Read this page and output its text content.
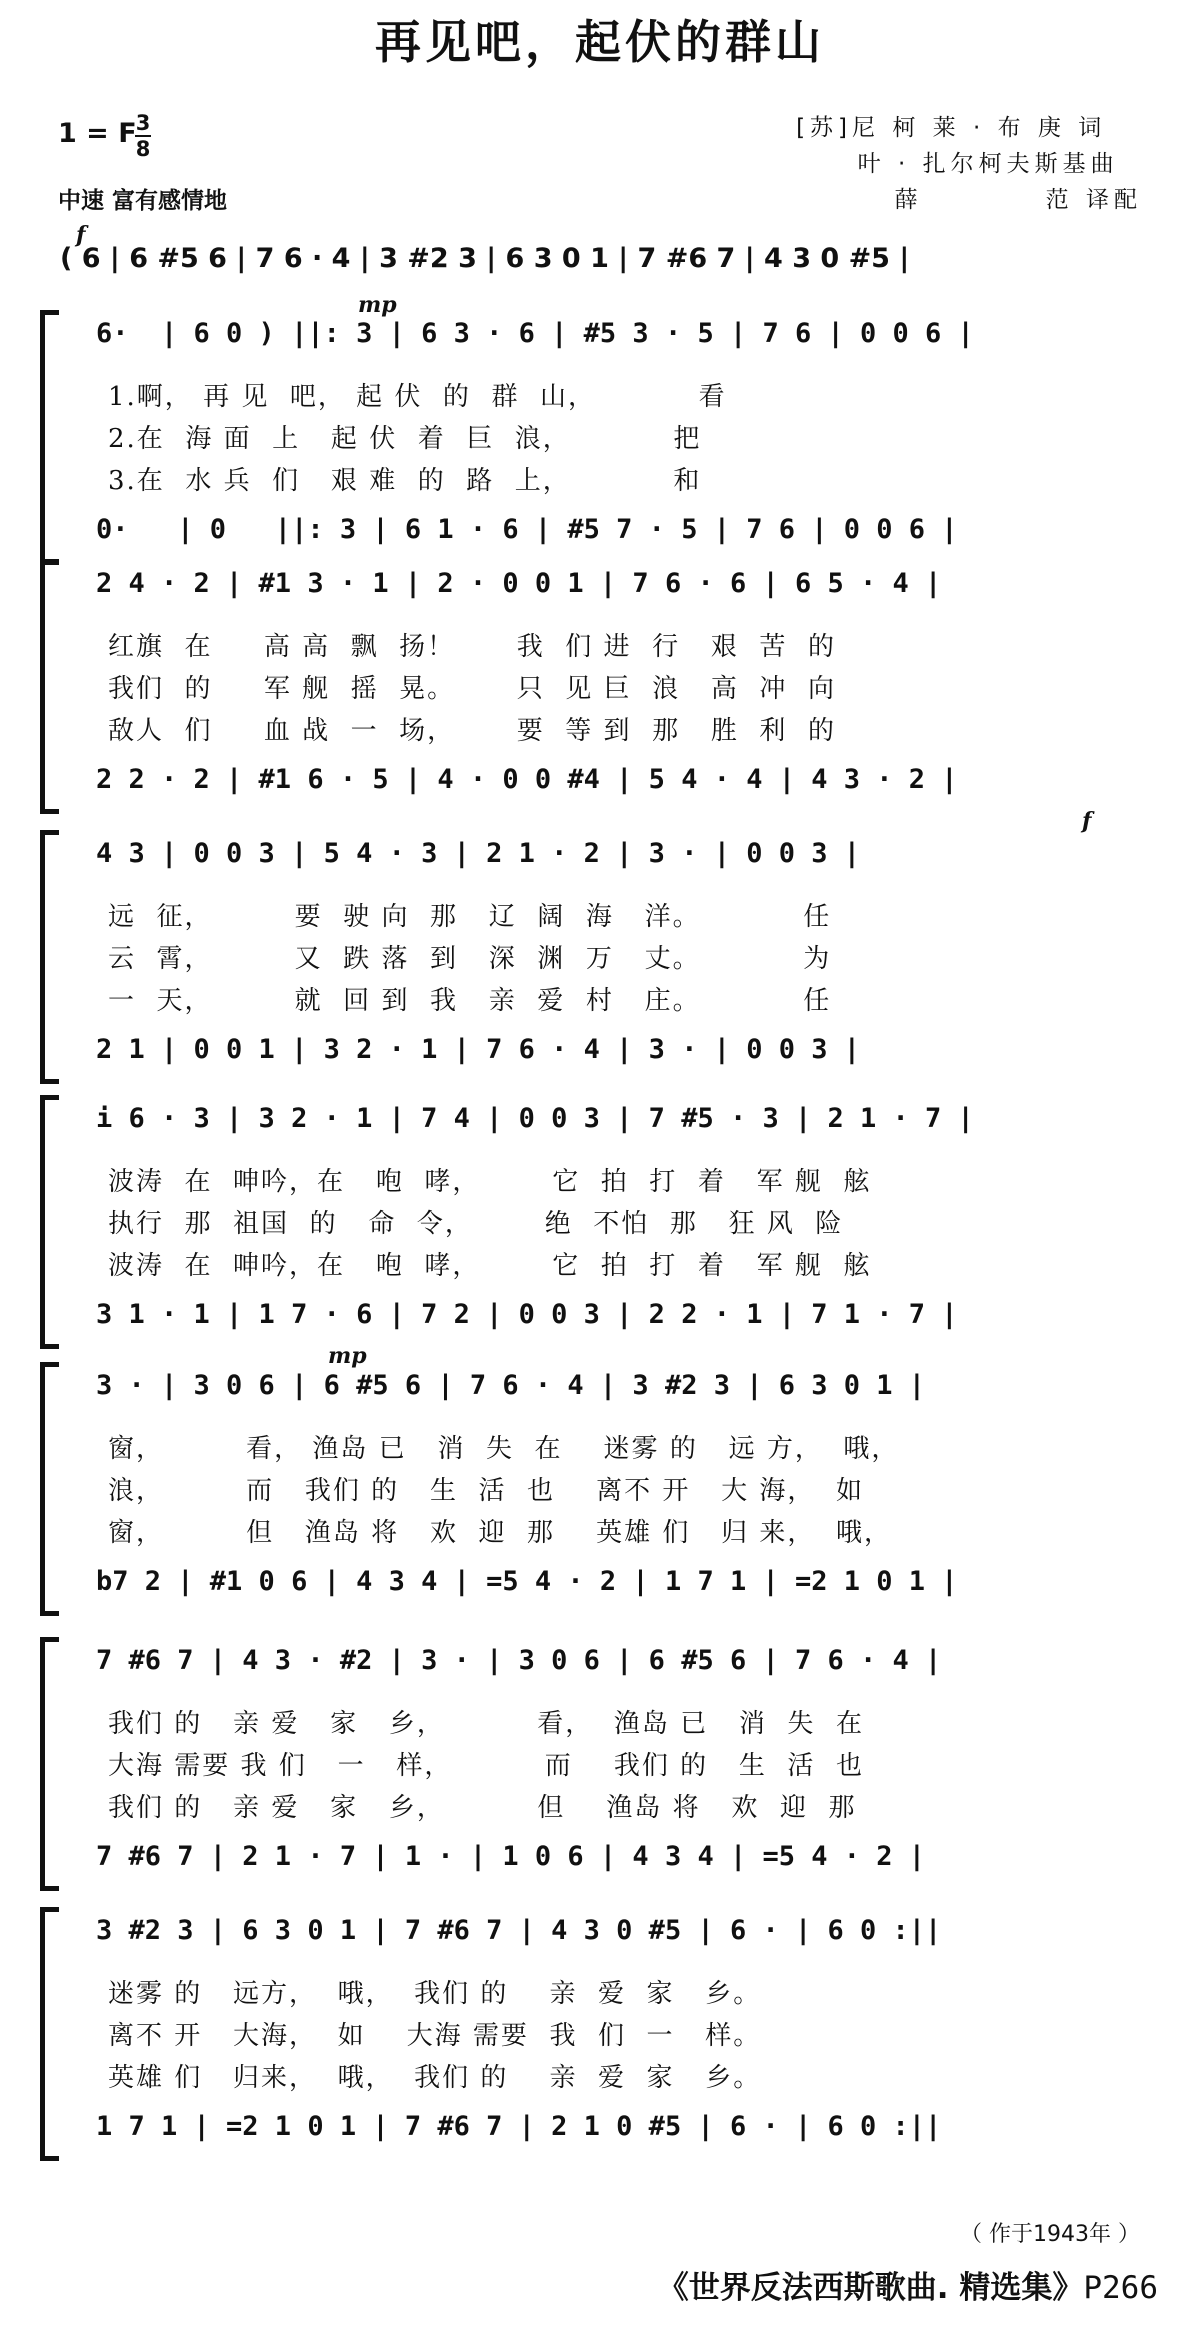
再见吧，起伏的群山
1 = F 3
8
中速 富有感情地
[苏]尼 柯 莱 · 布 庚 词
叶 · 扎尔柯夫斯基曲
薛          范 译配
f
( 6 | 6 #5 6 | 7 6 · 4 | 3 #2 3 | 6 3 0 1 | 7 #6 7 | 4 3 0 #5 |
6·  | 6 0 ) ||: 3 | 6 3 · 6 | #5 3 · 5 | 7 6 | 0 0 6 |
1.啊， 再 见  吧， 起 伏  的  群  山，          看
2.在  海 面  上   起 伏  着  巨  浪，          把
3.在  水 兵  们   艰 难  的  路  上，          和
0·   | 0   ||: 3 | 6 1 · 6 | #5 7 · 5 | 7 6 | 0 0 6 |
2 4 · 2 | #1 3 · 1 | 2 · 0 0 1 | 7 6 · 6 | 6 5 · 4 |
红旗  在     高 高  飘  扬！      我  们 进  行   艰  苦  的
我们  的     军 舰  摇  晃。      只  见 巨  浪   高  冲  向
敌人  们     血 战  一  场，      要  等 到  那   胜  利  的
2 2 · 2 | #1 6 · 5 | 4 · 0 0 #4 | 5 4 · 4 | 4 3 · 2 |
4 3 | 0 0 3 | 5 4 · 3 | 2 1 · 2 | 3 · | 0 0 3 |
远  征，        要  驶 向  那   辽  阔  海   洋。          任
云  霄，        又  跌 落  到   深  渊  万   丈。          为
一  天，        就  回 到  我   亲  爱  村   庄。          任
2 1 | 0 0 1 | 3 2 · 1 | 7 6 · 4 | 3 · | 0 0 3 |
i 6 · 3 | 3 2 · 1 | 7 4 | 0 0 3 | 7 #5 · 3 | 2 1 · 7 |
波涛  在  呻吟，在   咆  哮，       它  拍  打  着   军 舰  舷
执行  那  祖国  的   命  令，       绝  不怕  那   狂 风  险
波涛  在  呻吟，在   咆  哮，       它  拍  打  着   军 舰  舷
3 1 · 1 | 1 7 · 6 | 7 2 | 0 0 3 | 2 2 · 1 | 7 1 · 7 |
3 · | 3 0 6 | 6 #5 6 | 7 6 · 4 | 3 #2 3 | 6 3 0 1 |
窗，        看， 渔岛 已   消  失  在    迷雾 的   远 方，  哦，
浪，        而   我们 的   生  活  也    离不 开   大 海，  如
窗，        但   渔岛 将   欢  迎  那    英雄 们   归 来，  哦，
b7 2 | #1 0 6 | 4 3 4 | =5 4 · 2 | 1 7 1 | =2 1 0 1 |
7 #6 7 | 4 3 · #2 | 3 · | 3 0 6 | 6 #5 6 | 7 6 · 4 |
我们 的   亲 爱   家   乡，         看，  渔岛 已   消  失  在
大海 需要 我 们   一   样，         而    我们 的   生  活  也
我们 的   亲 爱   家   乡，         但    渔岛 将   欢  迎  那
7 #6 7 | 2 1 · 7 | 1 · | 1 0 6 | 4 3 4 | =5 4 · 2 |
3 #2 3 | 6 3 0 1 | 7 #6 7 | 4 3 0 #5 | 6 · | 6 0 :||
迷雾 的   远方，  哦，  我们 的    亲  爱  家   乡。
离不 开   大海，  如    大海 需要  我  们  一   样。
英雄 们   归来，  哦，  我们 的    亲  爱  家   乡。
1 7 1 | =2 1 0 1 | 7 #6 7 | 2 1 0 #5 | 6 · | 6 0 :||
mp
f
mp
（ 作于1943年 ）
《世界反法西斯歌曲. 精选集》P266
